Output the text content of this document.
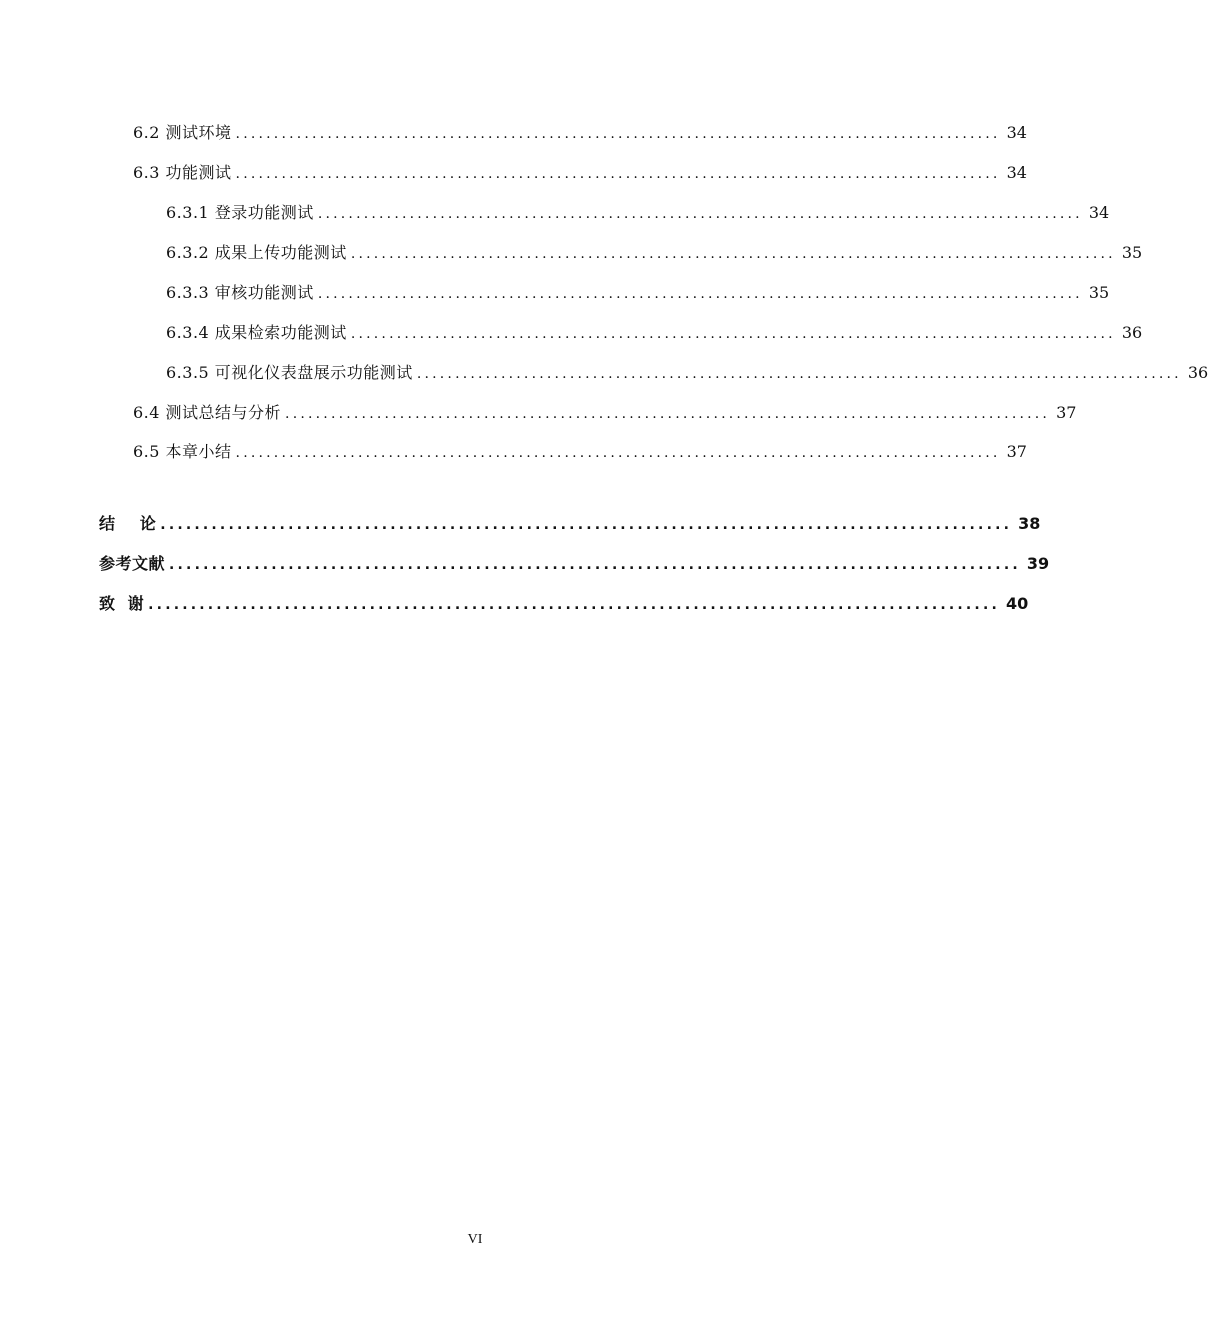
6.2 测试环境 .................................................................................................... 34
6.3 功能测试 .................................................................................................... 34
6.3.1 登录功能测试 .................................................................................................... 34
6.3.2 成果上传功能测试 .................................................................................................... 35
6.3.3 审核功能测试 .................................................................................................... 35
6.3.4 成果检索功能测试 .................................................................................................... 36
6.3.5 可视化仪表盘展示功能测试 .................................................................................................... 36
6.4 测试总结与分析 .................................................................................................... 37
6.5 本章小结 .................................................................................................... 37
结    论 .................................................................................................... 38
参考文献 .................................................................................................... 39
致  谢 .................................................................................................... 40
VI
